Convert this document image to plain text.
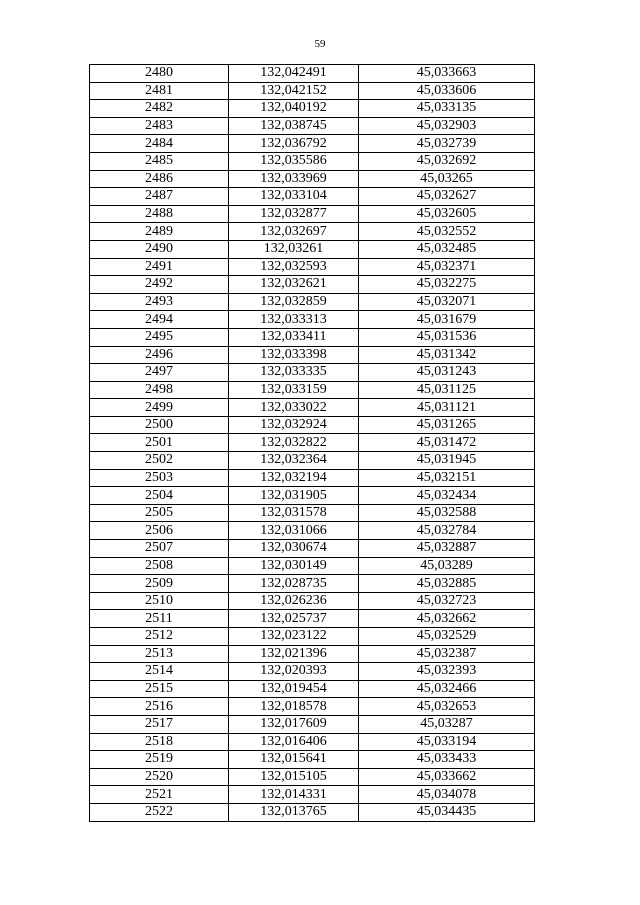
59
2480	132,042491	45,033663
2481	132,042152	45,033606
2482	132,040192	45,033135
2483	132,038745	45,032903
2484	132,036792	45,032739
2485	132,035586	45,032692
2486	132,033969	45,03265
2487	132,033104	45,032627
2488	132,032877	45,032605
2489	132,032697	45,032552
2490	132,03261	45,032485
2491	132,032593	45,032371
2492	132,032621	45,032275
2493	132,032859	45,032071
2494	132,033313	45,031679
2495	132,033411	45,031536
2496	132,033398	45,031342
2497	132,033335	45,031243
2498	132,033159	45,031125
2499	132,033022	45,031121
2500	132,032924	45,031265
2501	132,032822	45,031472
2502	132,032364	45,031945
2503	132,032194	45,032151
2504	132,031905	45,032434
2505	132,031578	45,032588
2506	132,031066	45,032784
2507	132,030674	45,032887
2508	132,030149	45,03289
2509	132,028735	45,032885
2510	132,026236	45,032723
2511	132,025737	45,032662
2512	132,023122	45,032529
2513	132,021396	45,032387
2514	132,020393	45,032393
2515	132,019454	45,032466
2516	132,018578	45,032653
2517	132,017609	45,03287
2518	132,016406	45,033194
2519	132,015641	45,033433
2520	132,015105	45,033662
2521	132,014331	45,034078
2522	132,013765	45,034435
